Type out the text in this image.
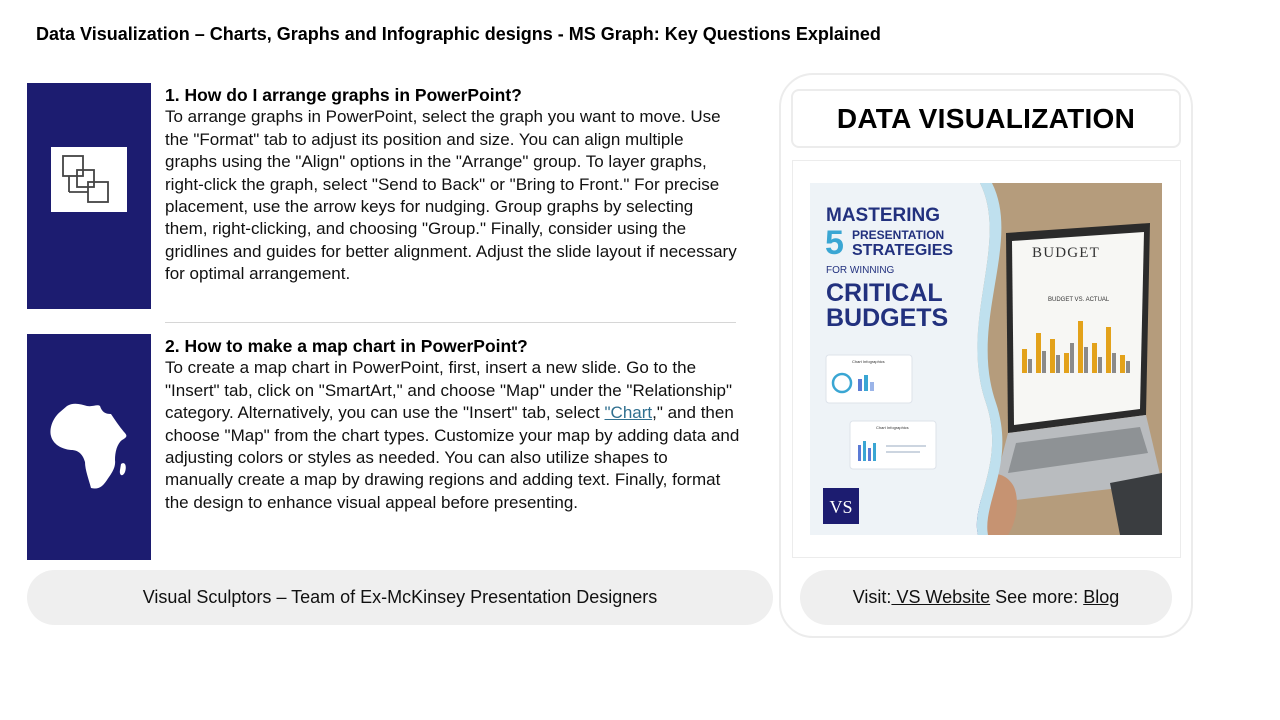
Data Visualization – Charts, Graphs and Infographic designs - MS Graph: Key Questions Explained
1. How do I arrange graphs in PowerPoint?

To arrange graphs in PowerPoint, select the graph you want to move. Use the "Format" tab to adjust its position and size. You can align multiple graphs using the "Align" options in the "Arrange" group. To layer graphs, right-click the graph, select "Send to Back" or "Bring to Front." For precise placement, use the arrow keys for nudging. Group graphs by selecting them, right-clicking, and choosing "Group." Finally, consider using the gridlines and guides for better alignment. Adjust the slide layout if necessary for optimal arrangement.

2. How to make a map chart in PowerPoint?

To create a map chart in PowerPoint, first, insert a new slide. Go to the "Insert" tab, click on "SmartArt," and choose "Map" under the "Relationship" category. Alternatively, you can use the "Insert" tab, select "Chart," and then choose "Map" from the chart types. Customize your map by adding data and adjusting colors or styles as needed. You can also utilize shapes to manually create a map by drawing regions and adding text. Finally, format the design to enhance visual appeal before presenting.

Visual Sculptors – Team of Ex-McKinsey Presentation Designers
DATA VISUALIZATION
BUDGET
BUDGET VS. ACTUAL
MASTERING
5 PRESENTATION
STRATEGIES
FOR WINNING
CRITICAL
BUDGETS
Chart Infographics
Chart Infographics
VS
Visit: VS Website See more: Blog
